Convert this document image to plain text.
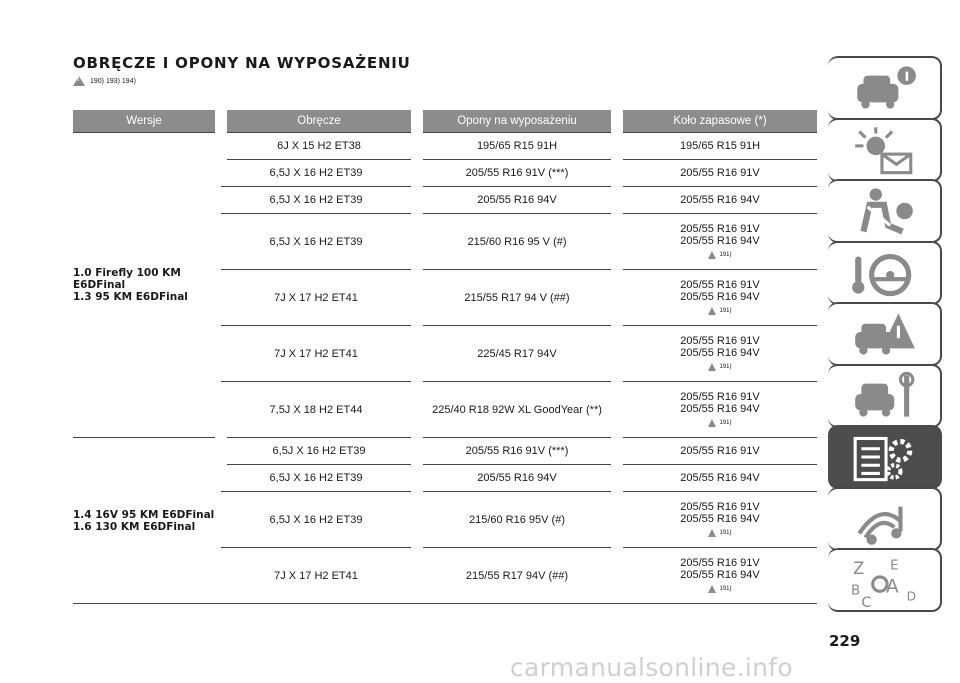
OBRĘCZE I OPONY NA WYPOSAŻENIU
!
190) 193) 194)
Wersje	Obręcze	Opony na wyposażeniu	Koło zapasowe (*)

1.0 Firefly 100 KM
E6DFinal
1.3 95 KM E6DFinal	6J X 15 H2 ET38	195/65 R15 91H	195/65 R15 91H

	6,5J X 16 H2 ET39	205/55 R16 91V (***)	205/55 R16 91V

	6,5J X 16 H2 ET39	205/55 R16 94V	205/55 R16 94V

	6,5J X 16 H2 ET39	215/60 R16 95 V (#)	205/55 R16 91V
205/55 R16 94V
191)

	7J X 17 H2 ET41	215/55 R17 94 V (##)	205/55 R16 91V
205/55 R16 94V
191)

	7J X 17 H2 ET41	225/45 R17 94V	205/55 R16 91V
205/55 R16 94V
191)

	7,5J X 18 H2 ET44	225/40 R18 92W XL GoodYear (**)	205/55 R16 91V
205/55 R16 94V
191)

1.4 16V 95 KM E6DFinal
1.6 130 KM E6DFinal	6,5J X 16 H2 ET39	205/55 R16 91V (***)	205/55 R16 91V

	6,5J X 16 H2 ET39	205/55 R16 94V	205/55 R16 94V

	6,5J X 16 H2 ET39	215/60 R16 95V (#)	205/55 R16 91V
205/55 R16 94V
191)

	7J X 17 H2 ET41	215/55 R17 94V (##)	205/55 R16 91V
205/55 R16 94V
191)
Z E
B A
C	D
229
carmanualsonline.info
